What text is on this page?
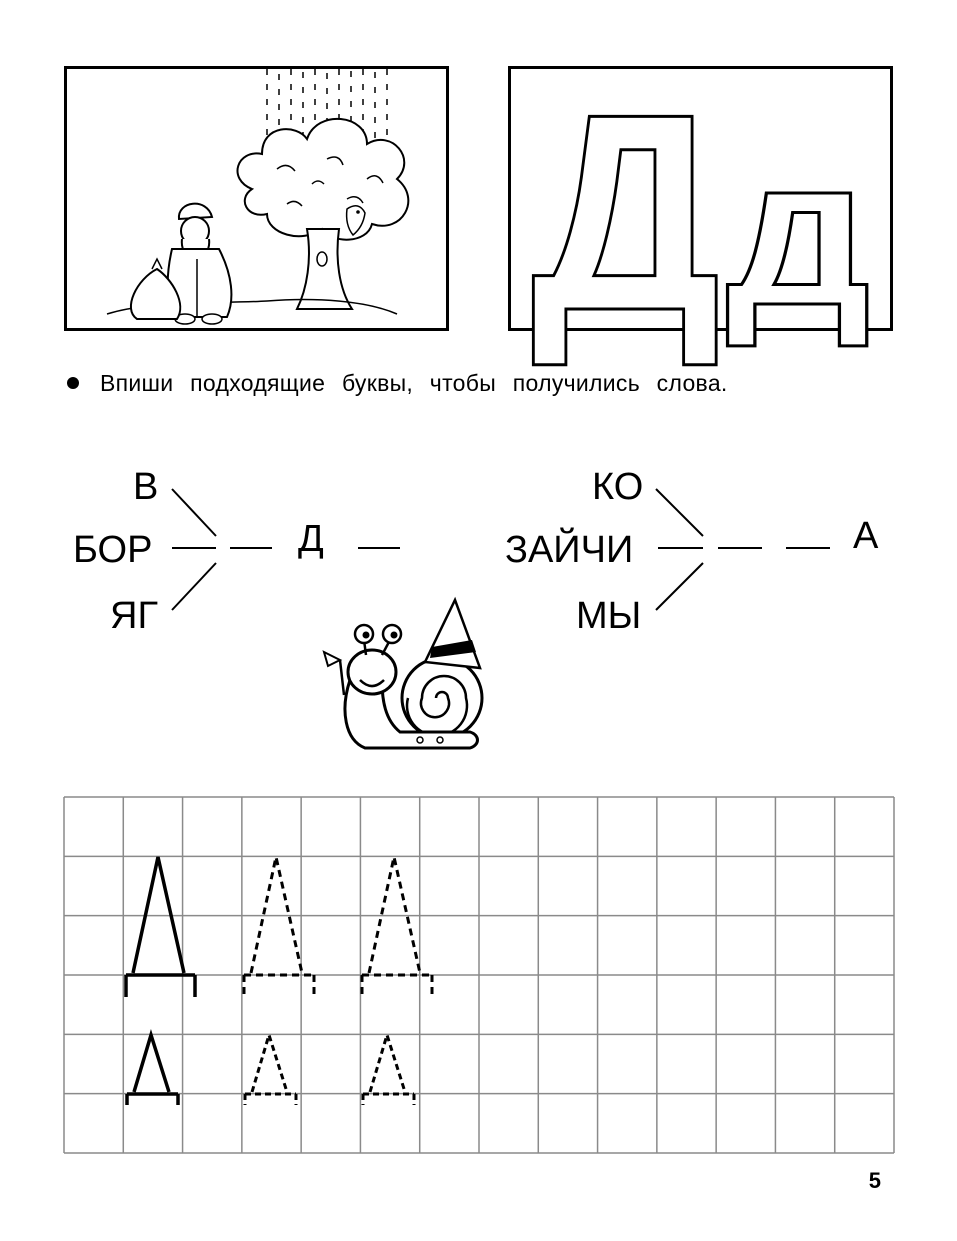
Д д
Впиши подходящие буквы, чтобы получились слова.
В
БОР
ЯГ
Д
КО
ЗАЙЧИ
МЫ
А
5
